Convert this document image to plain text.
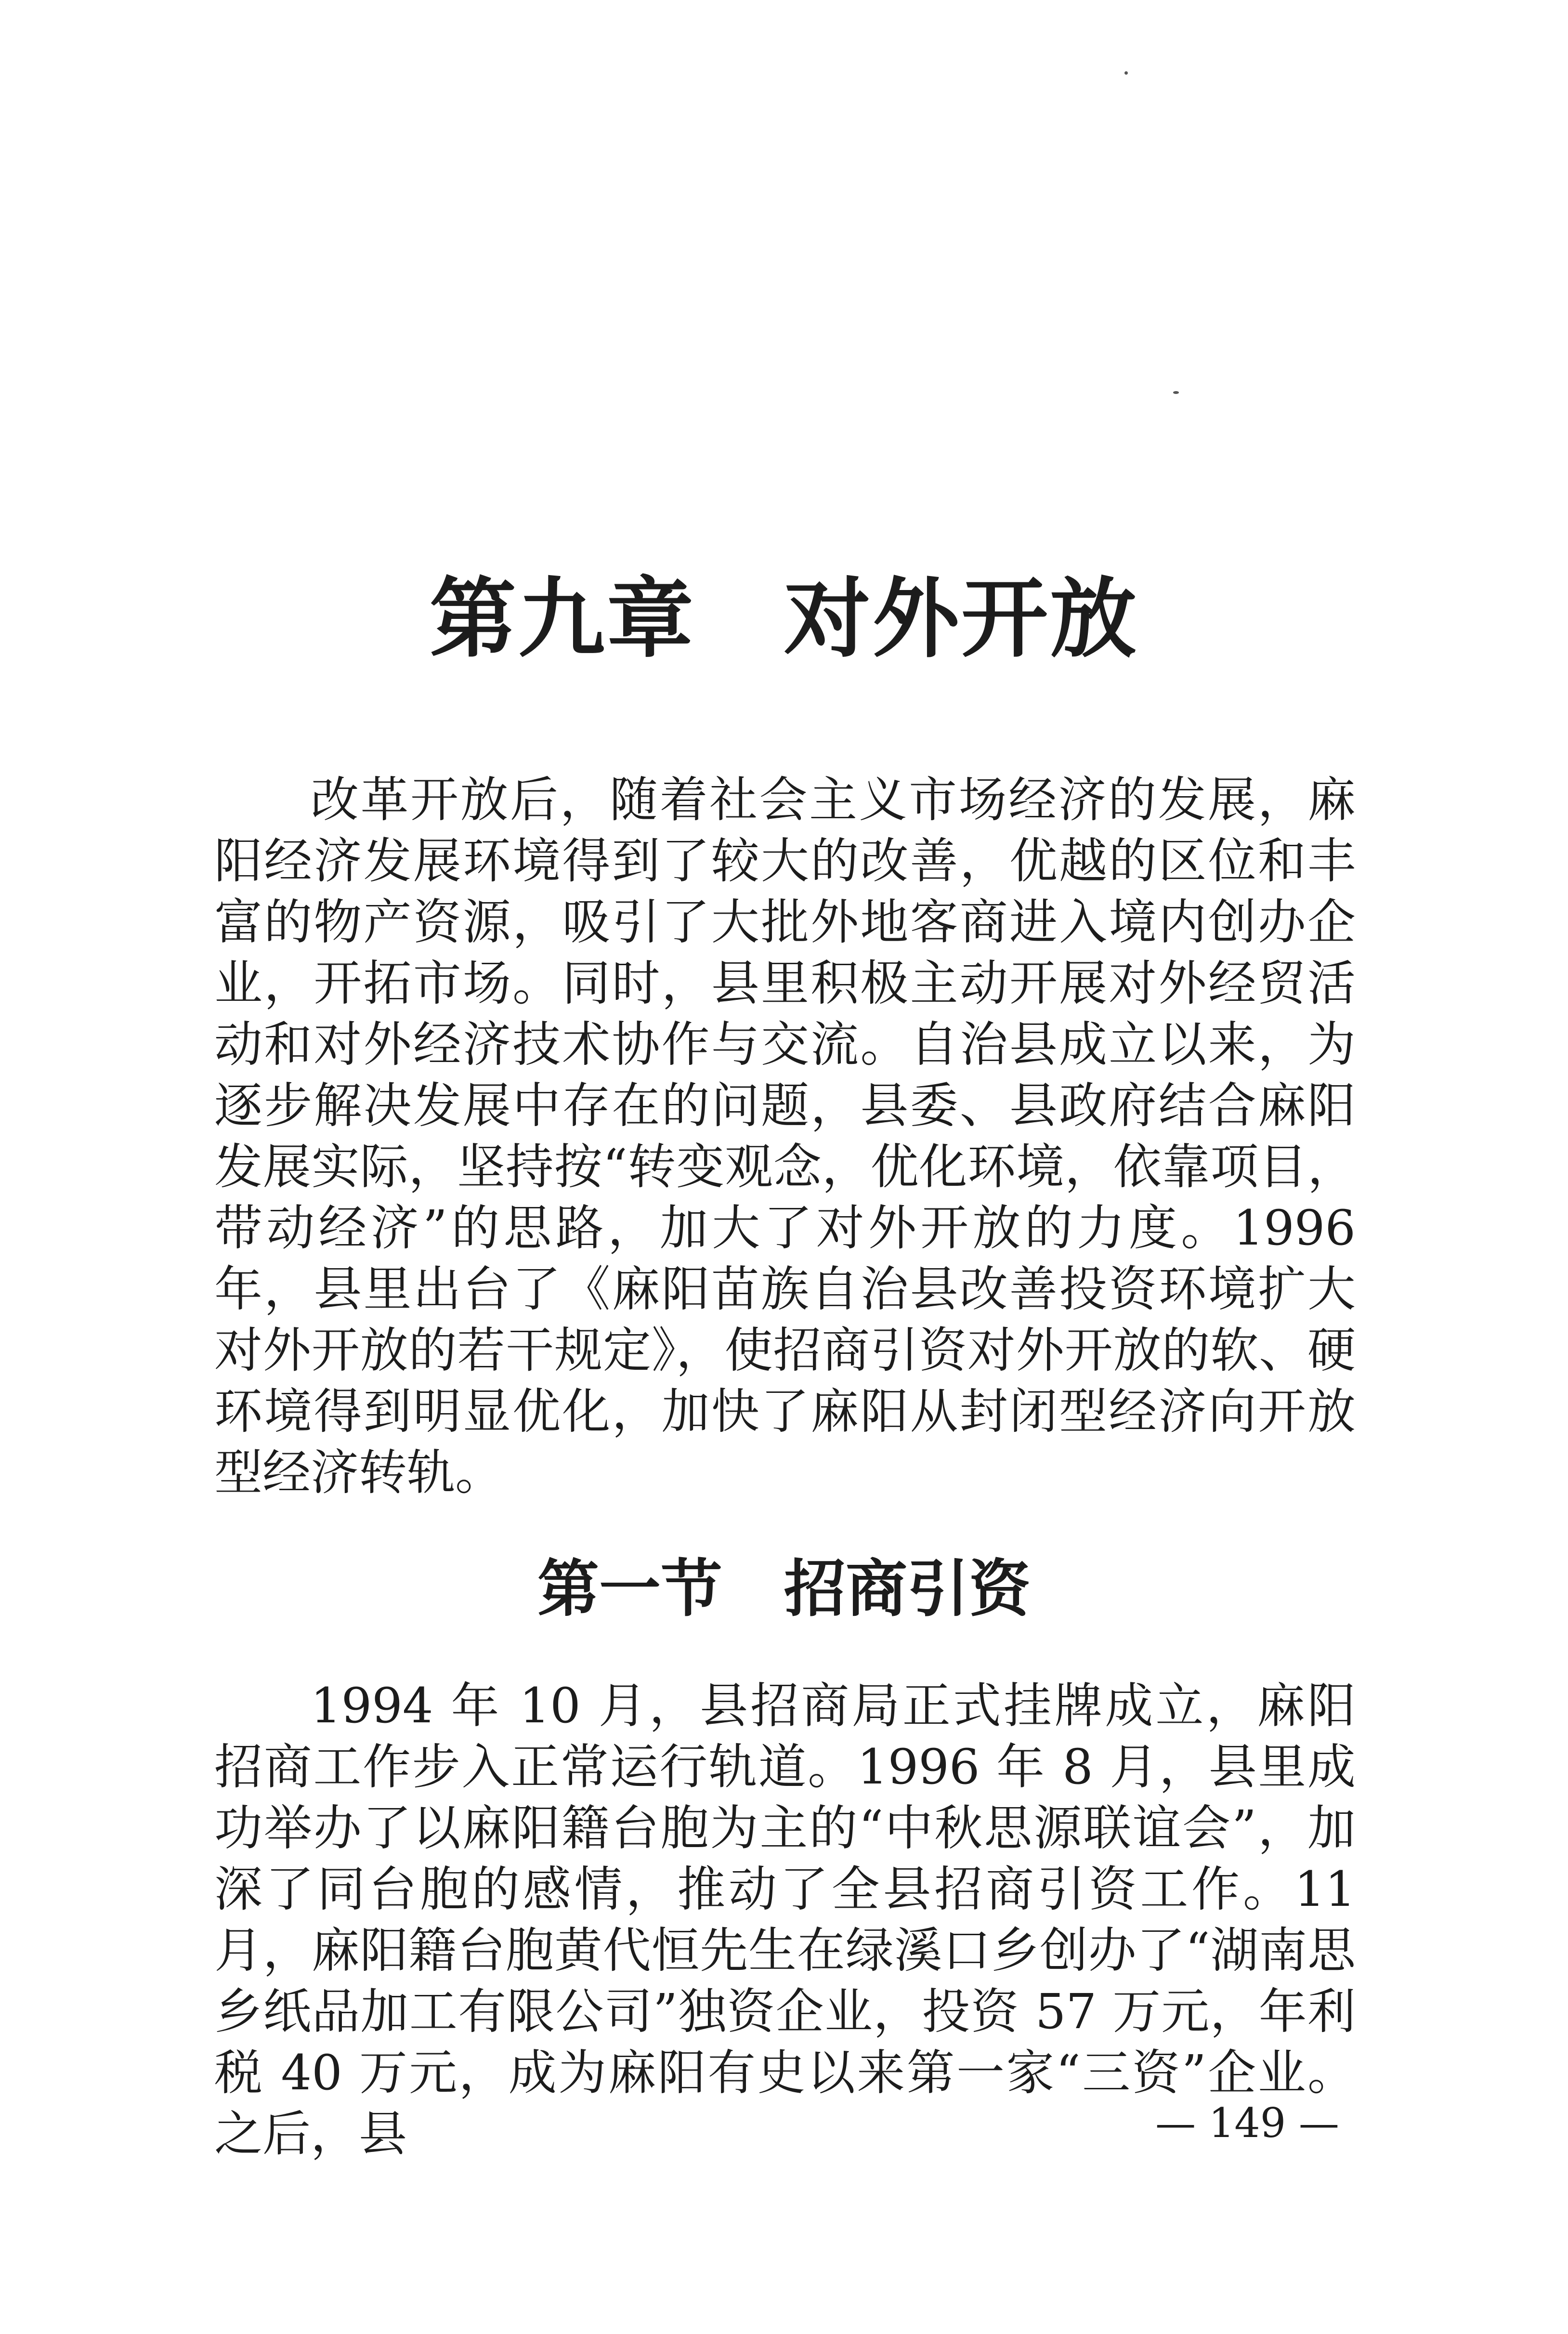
第九章　对外开放

改革开放后，随着社会主义市场经济的发展，麻阳经济发展环境得到了较大的改善，优越的区位和丰富的物产资源，吸引了大批外地客商进入境内创办企业，开拓市场。同时，县里积极主动开展对外经贸活动和对外经济技术协作与交流。自治县成立以来，为逐步解决发展中存在的问题，县委、县政府结合麻阳发展实际，坚持按“转变观念，优化环境，依靠项目，带动经济”的思路，加大了对外开放的力度。1996 年，县里出台了《麻阳苗族自治县改善投资环境扩大对外开放的若干规定》，使招商引资对外开放的软、硬环境得到明显优化，加快了麻阳从封闭型经济向开放型经济转轨。

第一节　招商引资

1994 年 10 月，县招商局正式挂牌成立，麻阳招商工作步入正常运行轨道。1996 年 8 月，县里成功举办了以麻阳籍台胞为主的“中秋思源联谊会”，加深了同台胞的感情，推动了全县招商引资工作。11 月，麻阳籍台胞黄代恒先生在绿溪口乡创办了“湖南思乡纸品加工有限公司”独资企业，投资 57 万元，年利税 40 万元，成为麻阳有史以来第一家“三资”企业。之后，县	— 149 —
